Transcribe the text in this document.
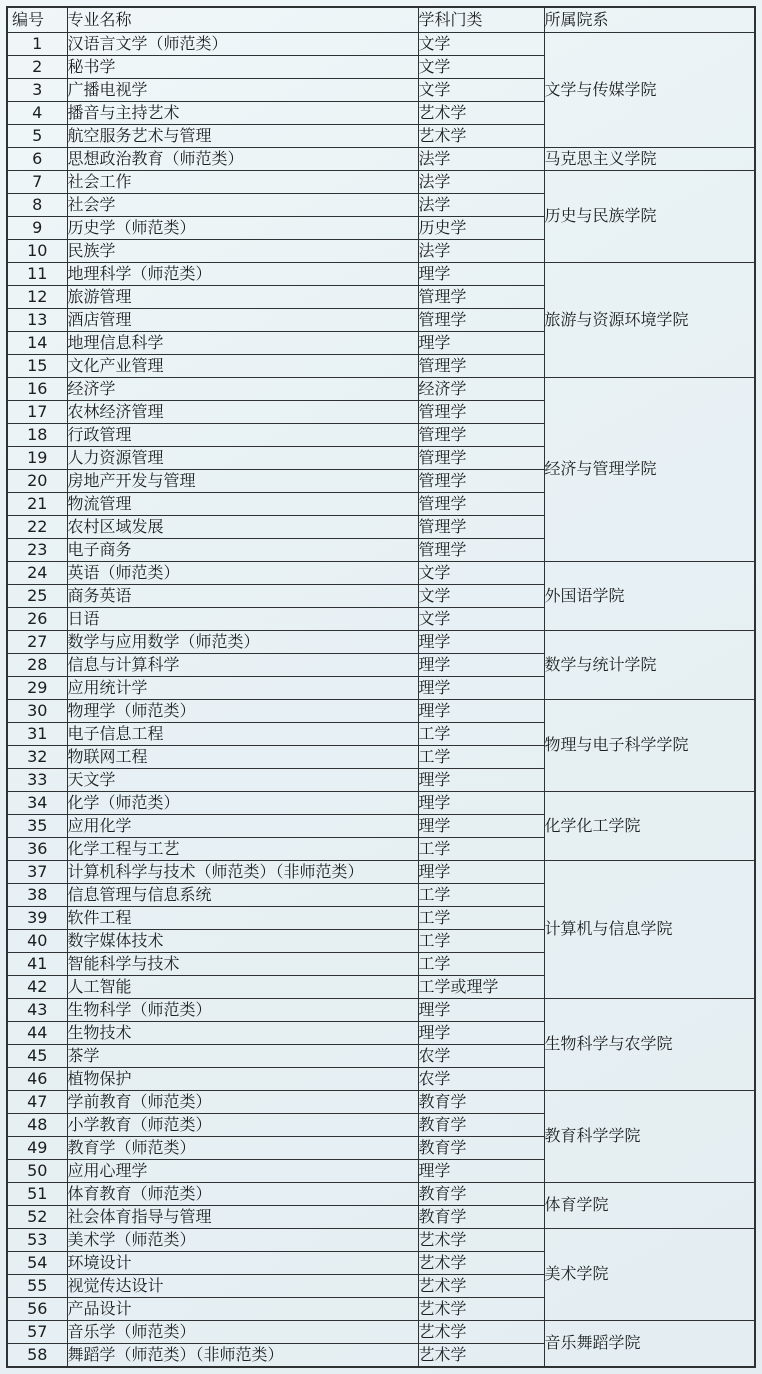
编号	专业名称	学科门类	所属院系
1	汉语言文学（师范类）	文学	文学与传媒学院
2	秘书学	文学	
3	广播电视学	文学	
4	播音与主持艺术	艺术学	
5	航空服务艺术与管理	艺术学	
6	思想政治教育（师范类）	法学	马克思主义学院
7	社会工作	法学	历史与民族学院
8	社会学	法学	
9	历史学（师范类）	历史学	
10	民族学	法学	
11	地理科学（师范类）	理学	旅游与资源环境学院
12	旅游管理	管理学	
13	酒店管理	管理学	
14	地理信息科学	理学	
15	文化产业管理	管理学	
16	经济学	经济学	经济与管理学院
17	农林经济管理	管理学	
18	行政管理	管理学	
19	人力资源管理	管理学	
20	房地产开发与管理	管理学	
21	物流管理	管理学	
22	农村区域发展	管理学	
23	电子商务	管理学	
24	英语（师范类）	文学	外国语学院
25	商务英语	文学	
26	日语	文学	
27	数学与应用数学（师范类）	理学	数学与统计学院
28	信息与计算科学	理学	
29	应用统计学	理学	
30	物理学（师范类）	理学	物理与电子科学学院
31	电子信息工程	工学	
32	物联网工程	工学	
33	天文学	理学	
34	化学（师范类）	理学	化学化工学院
35	应用化学	理学	
36	化学工程与工艺	工学	
37	计算机科学与技术（师范类）（非师范类）	理学	计算机与信息学院
38	信息管理与信息系统	工学	
39	软件工程	工学	
40	数字媒体技术	工学	
41	智能科学与技术	工学	
42	人工智能	工学或理学	
43	生物科学（师范类）	理学	生物科学与农学院
44	生物技术	理学	
45	茶学	农学	
46	植物保护	农学	
47	学前教育（师范类）	教育学	教育科学学院
48	小学教育（师范类）	教育学	
49	教育学（师范类）	教育学	
50	应用心理学	理学	
51	体育教育（师范类）	教育学	体育学院
52	社会体育指导与管理	教育学	
53	美术学（师范类）	艺术学	美术学院
54	环境设计	艺术学	
55	视觉传达设计	艺术学	
56	产品设计	艺术学	
57	音乐学（师范类）	艺术学	音乐舞蹈学院
58	舞蹈学（师范类）（非师范类）	艺术学	
